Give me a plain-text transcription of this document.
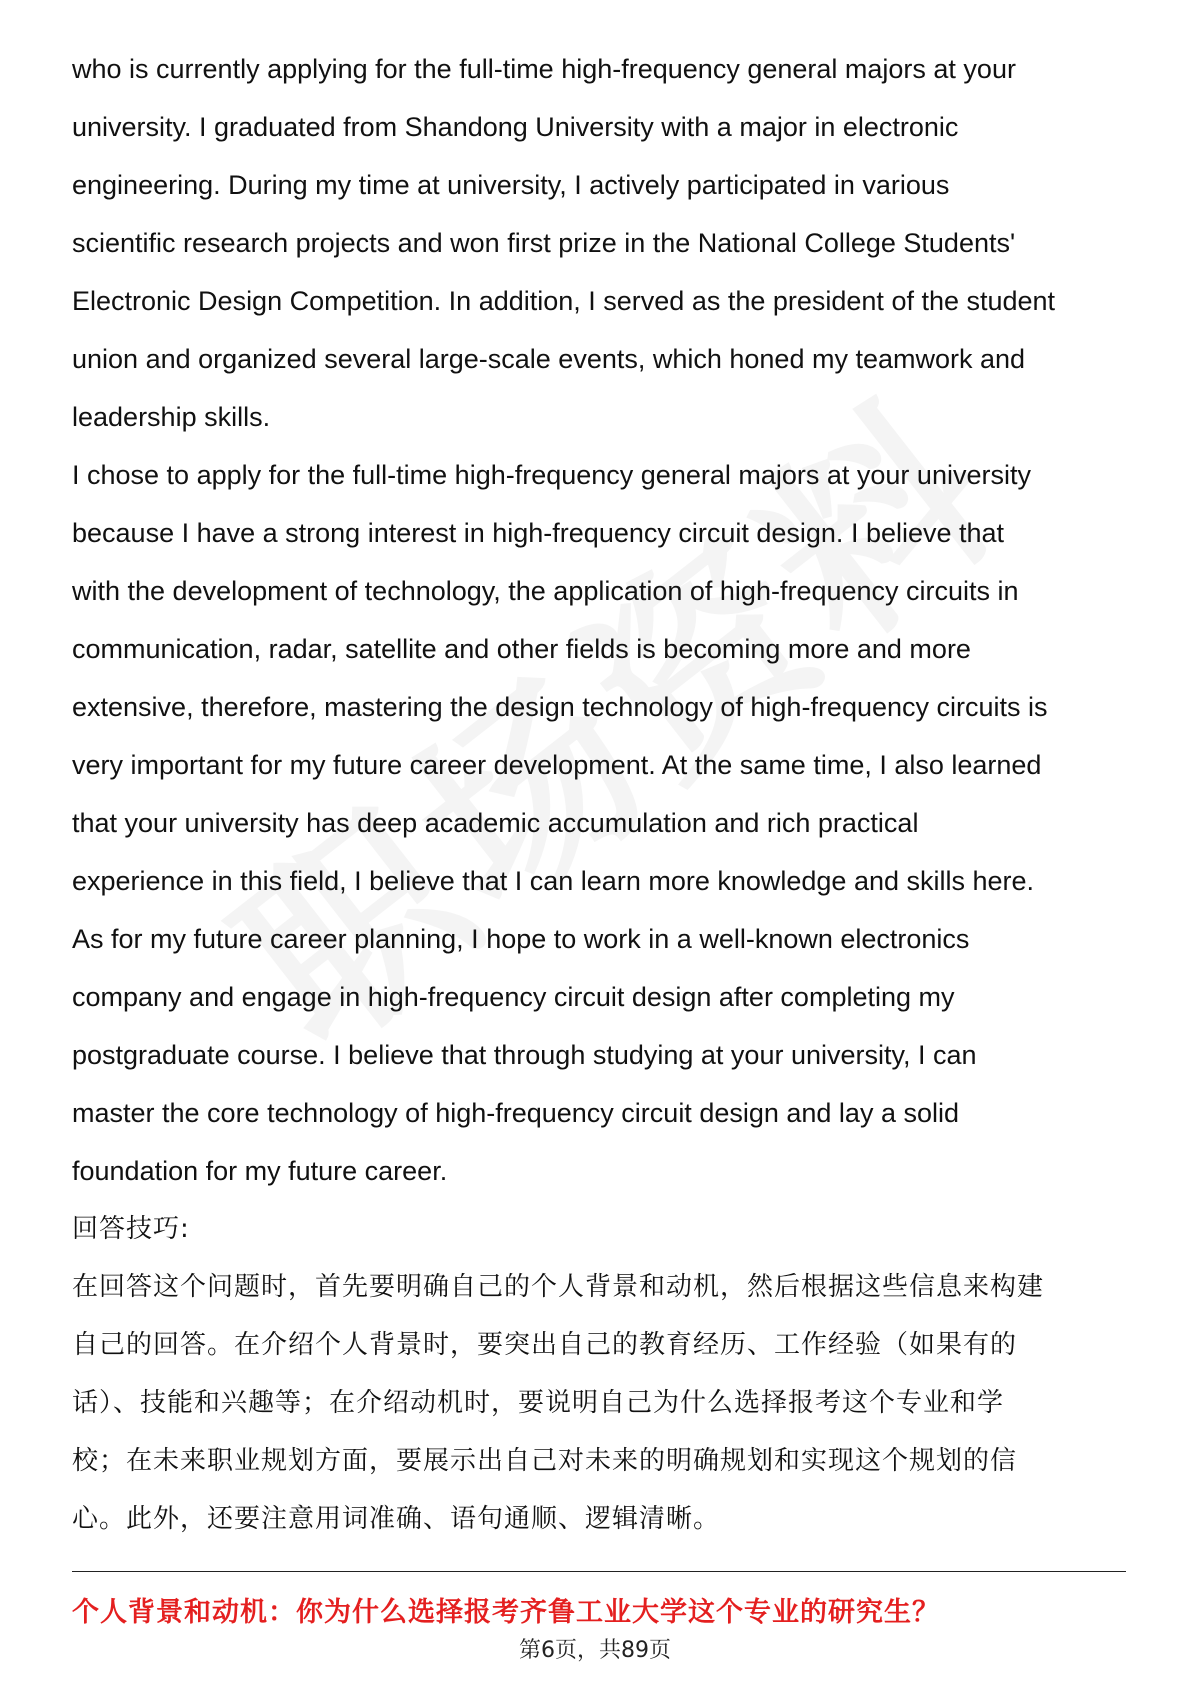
who is currently applying for the full-time high-frequency general majors at your
university. I graduated from Shandong University with a major in electronic
engineering. During my time at university, I actively participated in various
scientific research projects and won first prize in the National College Students'
Electronic Design Competition. In addition, I served as the president of the student
union and organized several large-scale events, which honed my teamwork and
leadership skills.
I chose to apply for the full-time high-frequency general majors at your university
because I have a strong interest in high-frequency circuit design. I believe that
with the development of technology, the application of high-frequency circuits in
communication, radar, satellite and other fields is becoming more and more
extensive, therefore, mastering the design technology of high-frequency circuits is
very important for my future career development. At the same time, I also learned
that your university has deep academic accumulation and rich practical
experience in this field, I believe that I can learn more knowledge and skills here.
As for my future career planning, I hope to work in a well-known electronics
company and engage in high-frequency circuit design after completing my
postgraduate course. I believe that through studying at your university, I can
master the core technology of high-frequency circuit design and lay a solid
foundation for my future career.
回答技巧:
在回答这个问题时，首先要明确自己的个人背景和动机，然后根据这些信息来构建
自己的回答。在介绍个人背景时，要突出自己的教育经历、工作经验（如果有的
话）、技能和兴趣等；在介绍动机时，要说明自己为什么选择报考这个专业和学
校；在未来职业规划方面，要展示出自己对未来的明确规划和实现这个规划的信
心。此外，还要注意用词准确、语句通顺、逻辑清晰。
个人背景和动机：你为什么选择报考齐鲁工业大学这个专业的研究生？
第6页，共89页
